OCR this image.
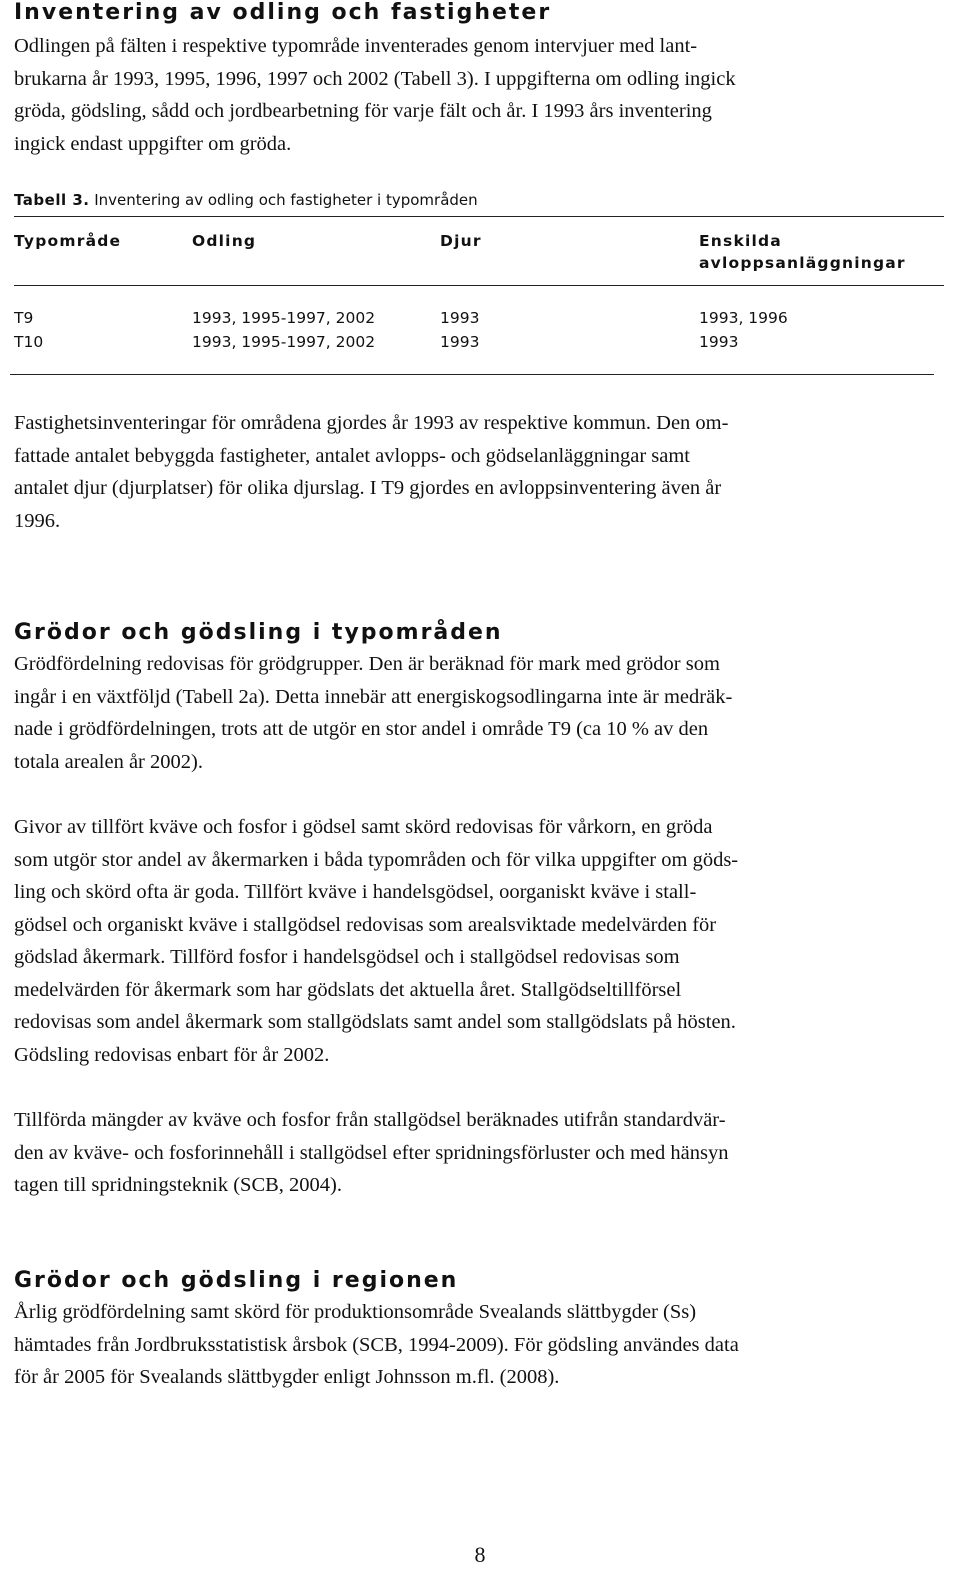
Inventering av odling och fastigheter

Odlingen på fälten i respektive typområde inventerades genom intervjuer med lant-
brukarna år 1993, 1995, 1996, 1997 och 2002 (Tabell 3). I uppgifterna om odling ingick
gröda, gödsling, sådd och jordbearbetning för varje fält och år. I 1993 års inventering
ingick endast uppgifter om gröda.

Tabell 3. Inventering av odling och fastigheter i typområden
Typområde	Odling	Djur	Enskilda
avloppsanläggningar
T9	1993, 1995-1997, 2002	1993	1993, 1996
T10	1993, 1995-1997, 2002	1993	1993

Fastighetsinventeringar för områdena gjordes år 1993 av respektive kommun. Den om-
fattade antalet bebyggda fastigheter, antalet avlopps- och gödselanläggningar samt
antalet djur (djurplatser) för olika djurslag. I T9 gjordes en avloppsinventering även år
1996.

Grödor och gödsling i typområden

Grödfördelning redovisas för grödgrupper. Den är beräknad för mark med grödor som
ingår i en växtföljd (Tabell 2a). Detta innebär att energiskogsodlingarna inte är medräk-
nade i grödfördelningen, trots att de utgör en stor andel i område T9 (ca 10 % av den
totala arealen år 2002).

Givor av tillfört kväve och fosfor i gödsel samt skörd redovisas för vårkorn, en gröda
som utgör stor andel av åkermarken i båda typområden och för vilka uppgifter om göds-
ling och skörd ofta är goda. Tillfört kväve i handelsgödsel, oorganiskt kväve i stall-
gödsel och organiskt kväve i stallgödsel redovisas som arealsviktade medelvärden för
gödslad åkermark. Tillförd fosfor i handelsgödsel och i stallgödsel redovisas som
medelvärden för åkermark som har gödslats det aktuella året. Stallgödseltillförsel
redovisas som andel åkermark som stallgödslats samt andel som stallgödslats på hösten.
Gödsling redovisas enbart för år 2002.

Tillförda mängder av kväve och fosfor från stallgödsel beräknades utifrån standardvär-
den av kväve- och fosforinnehåll i stallgödsel efter spridningsförluster och med hänsyn
tagen till spridningsteknik (SCB, 2004).

Grödor och gödsling i regionen

Årlig grödfördelning samt skörd för produktionsområde Svealands slättbygder (Ss)
hämtades från Jordbruksstatistisk årsbok (SCB, 1994-2009). För gödsling användes data
för år 2005 för Svealands slättbygder enligt Johnsson m.fl. (2008).

8
